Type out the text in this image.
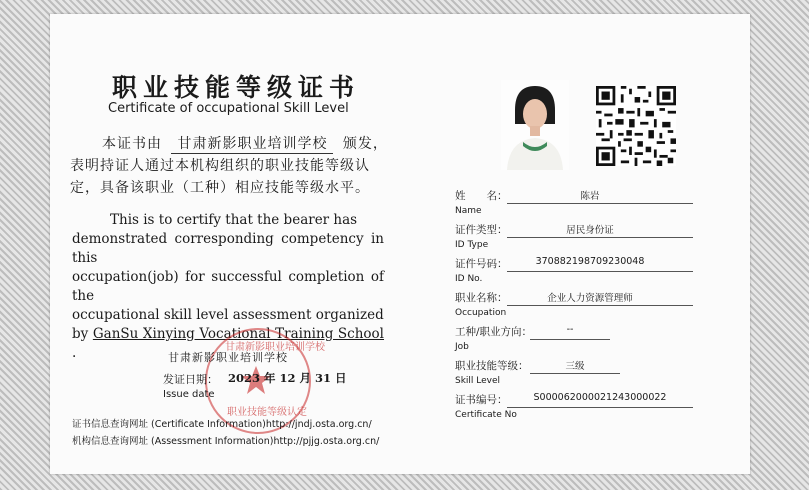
职业技能等级证书
Certificate of occupational Skill Level
本证书由 甘肃新影职业培训学校 颁发，
表明持证人通过本机构组织的职业技能等级认
定，具备该职业（工种）相应技能等级水平。

This is to certify that the bearer has

demonstrated corresponding competency in this

occupation(job) for successful completion of the

occupational skill level assessment organized

by GanSu Xinying Vocational Training School .	甘肃新影职业培训学校
职业技能等级认定
甘肃新影职业培训学校
发证日期： 2023 年 12 月 31 日
Issue date
证书信息查询网址 (Certificate Information)http://jndj.osta.org.cn/
机构信息查询网址 (Assessment Information)http://pjjg.osta.org.cn/
姓　　名：	陈岩
Name
证件类型：	居民身份证
ID Type
证件号码：	370882198709230048
ID No.
职业名称：	企业人力资源管理师
Occupation
工种/职业方向：	--
Job
职业技能等级：	三级
Skill Level
证书编号：	S000062000021243000022
Certificate No
